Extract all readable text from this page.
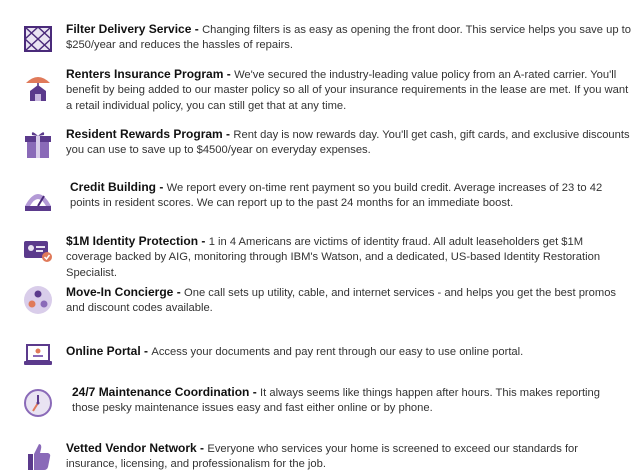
Filter Delivery Service - Changing filters is as easy as opening the front door. This service helps you save up to $250/year and reduces the hassles of repairs.
Renters Insurance Program - We've secured the industry-leading value policy from an A-rated carrier. You'll benefit by being added to our master policy so all of your insurance requirements in the lease are met. If you want a retail individual policy, you can still get that at any time.
Resident Rewards Program - Rent day is now rewards day. You'll get cash, gift cards, and exclusive discounts you can use to save up to $4500/year on everyday expenses.
Credit Building - We report every on-time rent payment so you build credit. Average increases of 23 to 42 points in resident scores. We can report up to the past 24 months for an immediate boost.
$1M Identity Protection - 1 in 4 Americans are victims of identity fraud. All adult leaseholders get $1M coverage backed by AIG, monitoring through IBM's Watson, and a dedicated, US-based Identity Restoration Specialist.
Move-In Concierge - One call sets up utility, cable, and internet services - and helps you get the best promos and discount codes available.
Online Portal - Access your documents and pay rent through our easy to use online portal.
24/7 Maintenance Coordination - It always seems like things happen after hours. This makes reporting those pesky maintenance issues easy and fast either online or by phone.
Vetted Vendor Network - Everyone who services your home is screened to exceed our standards for insurance, licensing, and professionalism for the job.
